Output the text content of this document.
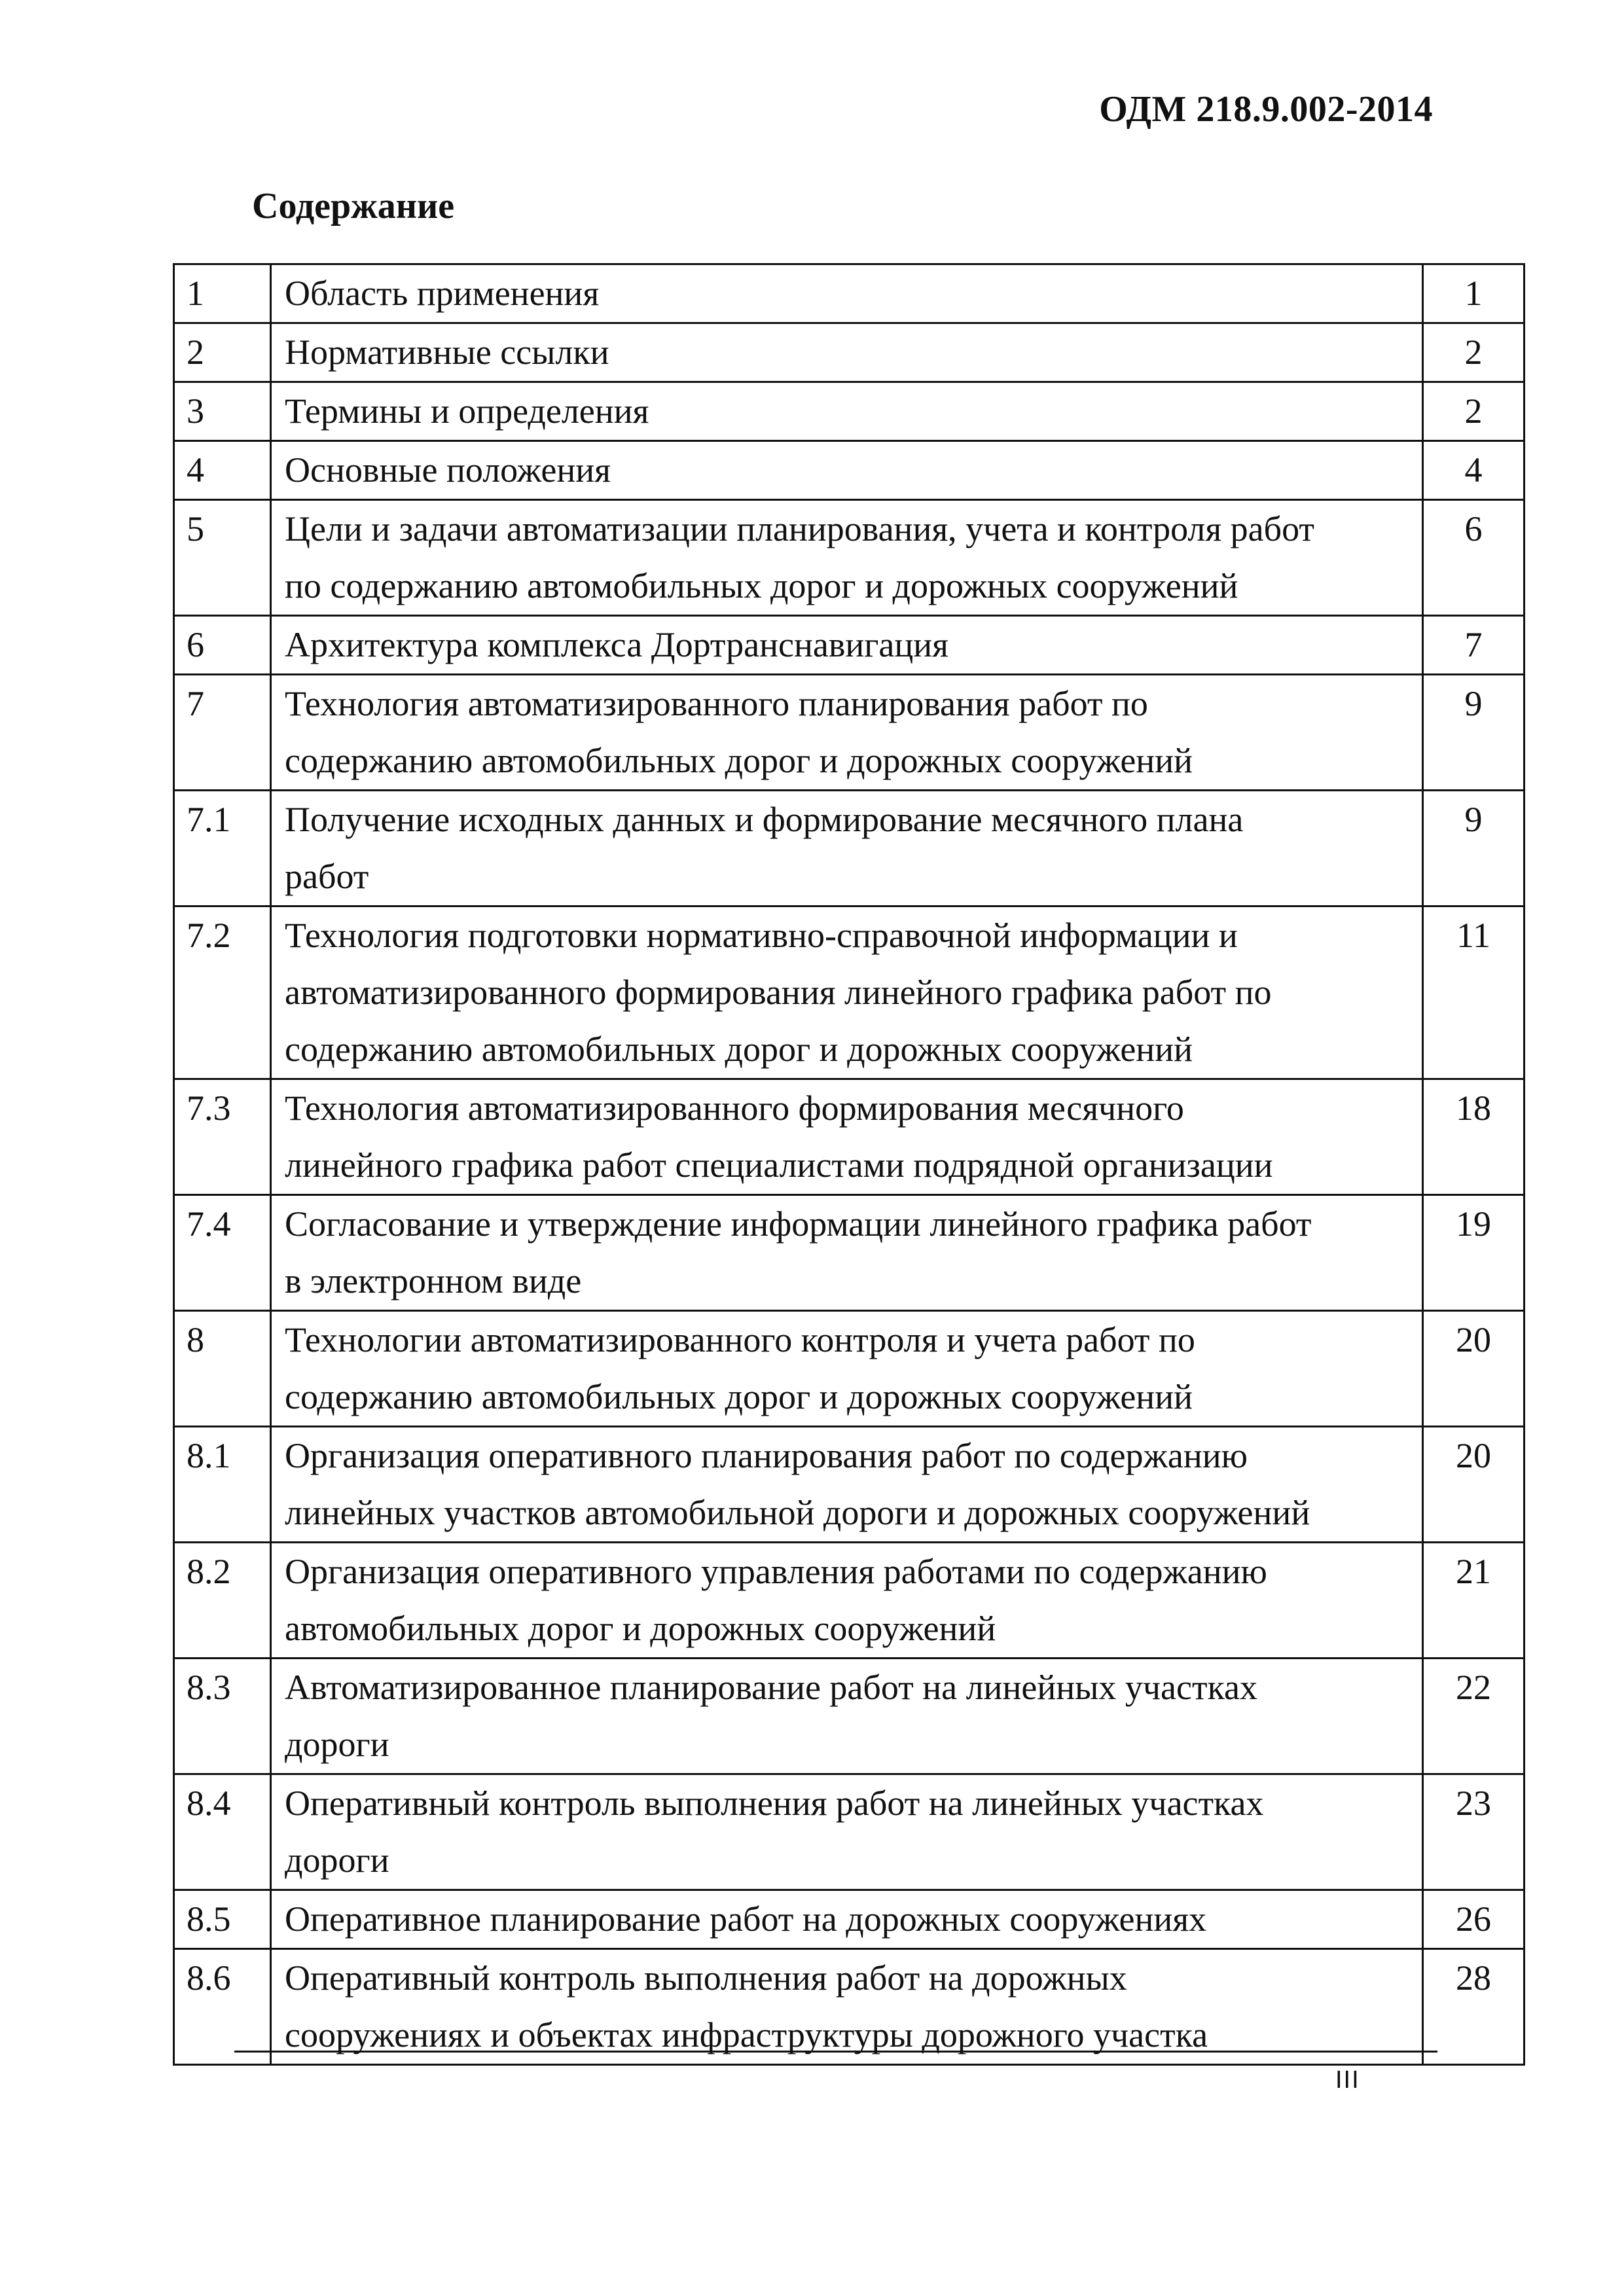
ОДМ 218.9.002-2014
Содержание
1	Область применения	1
2	Нормативные ссылки	2
3	Термины и определения	2
4	Основные положения	4
5	Цели и задачи автоматизации планирования, учета и контроля работ
по содержанию автомобильных дорог и дорожных сооружений	6
6	Архитектура комплекса Дортранснавигация	7
7	Технология автоматизированного планирования работ по
содержанию автомобильных дорог и дорожных сооружений	9
7.1	Получение исходных данных и формирование месячного плана
работ	9
7.2	Технология подготовки нормативно-справочной информации и
автоматизированного формирования линейного графика работ по
содержанию автомобильных дорог и дорожных сооружений	11
7.3	Технология автоматизированного формирования месячного
линейного графика работ специалистами подрядной организации	18
7.4	Согласование и утверждение информации линейного графика работ
в электронном виде	19
8	Технологии автоматизированного контроля и учета работ по
содержанию автомобильных дорог и дорожных сооружений	20
8.1	Организация оперативного планирования работ по содержанию
линейных участков автомобильной дороги и дорожных сооружений	20
8.2	Организация оперативного управления работами по содержанию
автомобильных дорог и дорожных сооружений	21
8.3	Автоматизированное планирование работ на линейных участках
дороги	22
8.4	Оперативный контроль выполнения работ на линейных участках
дороги	23
8.5	Оперативное планирование работ на дорожных сооружениях	26
8.6	Оперативный контроль выполнения работ на дорожных
сооружениях и объектах инфраструктуры дорожного участка	28
III
